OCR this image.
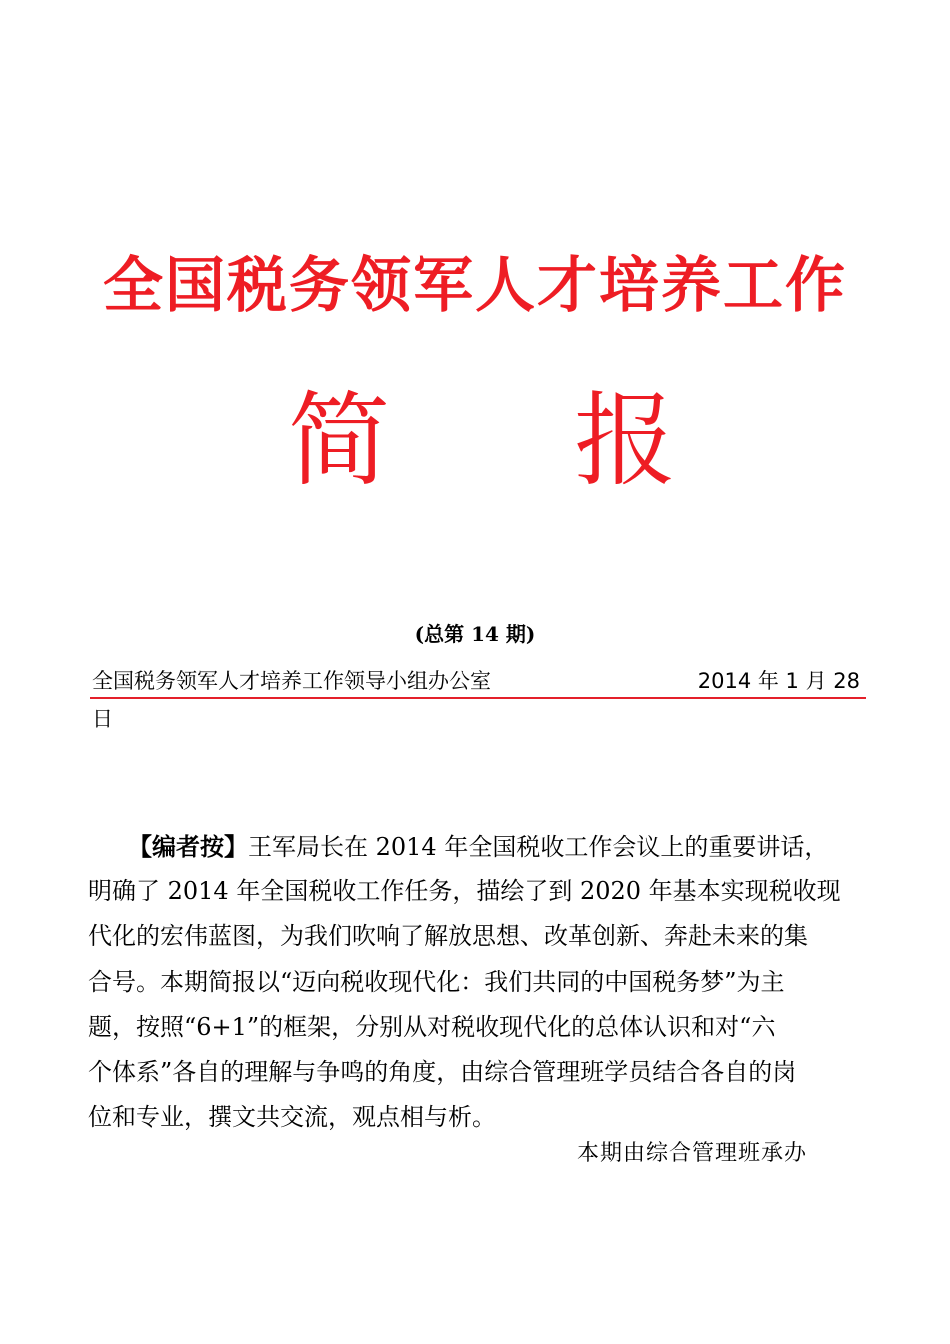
全国税务领军人才培养工作
简 报
(总第 14 期)
全国税务领军人才培养工作领导小组办公室	2014 年 1 月 28
日
【编者按】王军局长在 2014 年全国税收工作会议上的重要讲话，
明确了 2014 年全国税收工作任务，描绘了到 2020 年基本实现税收现
代化的宏伟蓝图，为我们吹响了解放思想、改革创新、奔赴未来的集
合号。本期简报以“迈向税收现代化：我们共同的中国税务梦”为主
题，按照“6+1”的框架，分别从对税收现代化的总体认识和对“六
个体系”各自的理解与争鸣的角度，由综合管理班学员结合各自的岗
位和专业，撰文共交流，观点相与析。
本期由综合管理班承办
